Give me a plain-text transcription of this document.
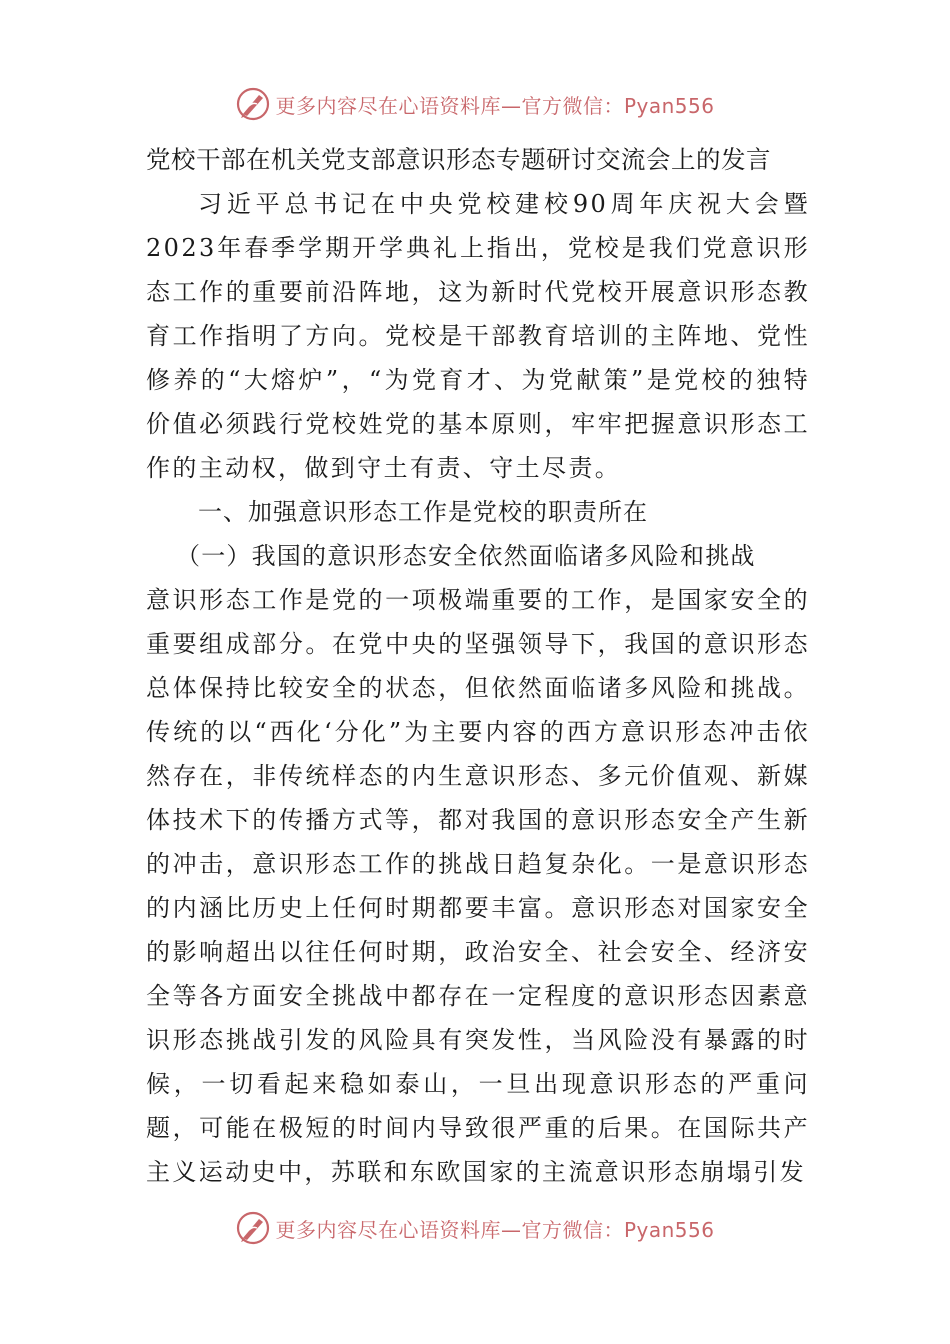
更多内容尽在心语资料库—官方微信：Pyan556

党校干部在机关党支部意识形态专题研讨交流会上的发言

习近平总书记在中央党校建校90周年庆祝大会暨2023年春季学期开学典礼上指出，党校是我们党意识形态工作的重要前沿阵地，这为新时代党校开展意识形态教育工作指明了方向。党校是干部教育培训的主阵地、党性修养的“大熔炉”，“为党育才、为党献策”是党校的独特价值必须践行党校姓党的基本原则，牢牢把握意识形态工作的主动权，做到守土有责、守土尽责。

一、加强意识形态工作是党校的职责所在

（一）我国的意识形态安全依然面临诸多风险和挑战

意识形态工作是党的一项极端重要的工作，是国家安全的重要组成部分。在党中央的坚强领导下，我国的意识形态总体保持比较安全的状态，但依然面临诸多风险和挑战。传统的以“西化‘分化”为主要内容的西方意识形态冲击依然存在，非传统样态的内生意识形态、多元价值观、新媒体技术下的传播方式等，都对我国的意识形态安全产生新的冲击，意识形态工作的挑战日趋复杂化。一是意识形态的内涵比历史上任何时期都要丰富。意识形态对国家安全的影响超出以往任何时期，政治安全、社会安全、经济安全等各方面安全挑战中都存在一定程度的意识形态因素意识形态挑战引发的风险具有突发性，当风险没有暴露的时候，一切看起来稳如泰山，一旦出现意识形态的严重问题，可能在极短的时间内导致很严重的后果。在国际共产主义运动史中，苏联和东欧国家的主流意识形态崩塌引发

更多内容尽在心语资料库—官方微信：Pyan556
